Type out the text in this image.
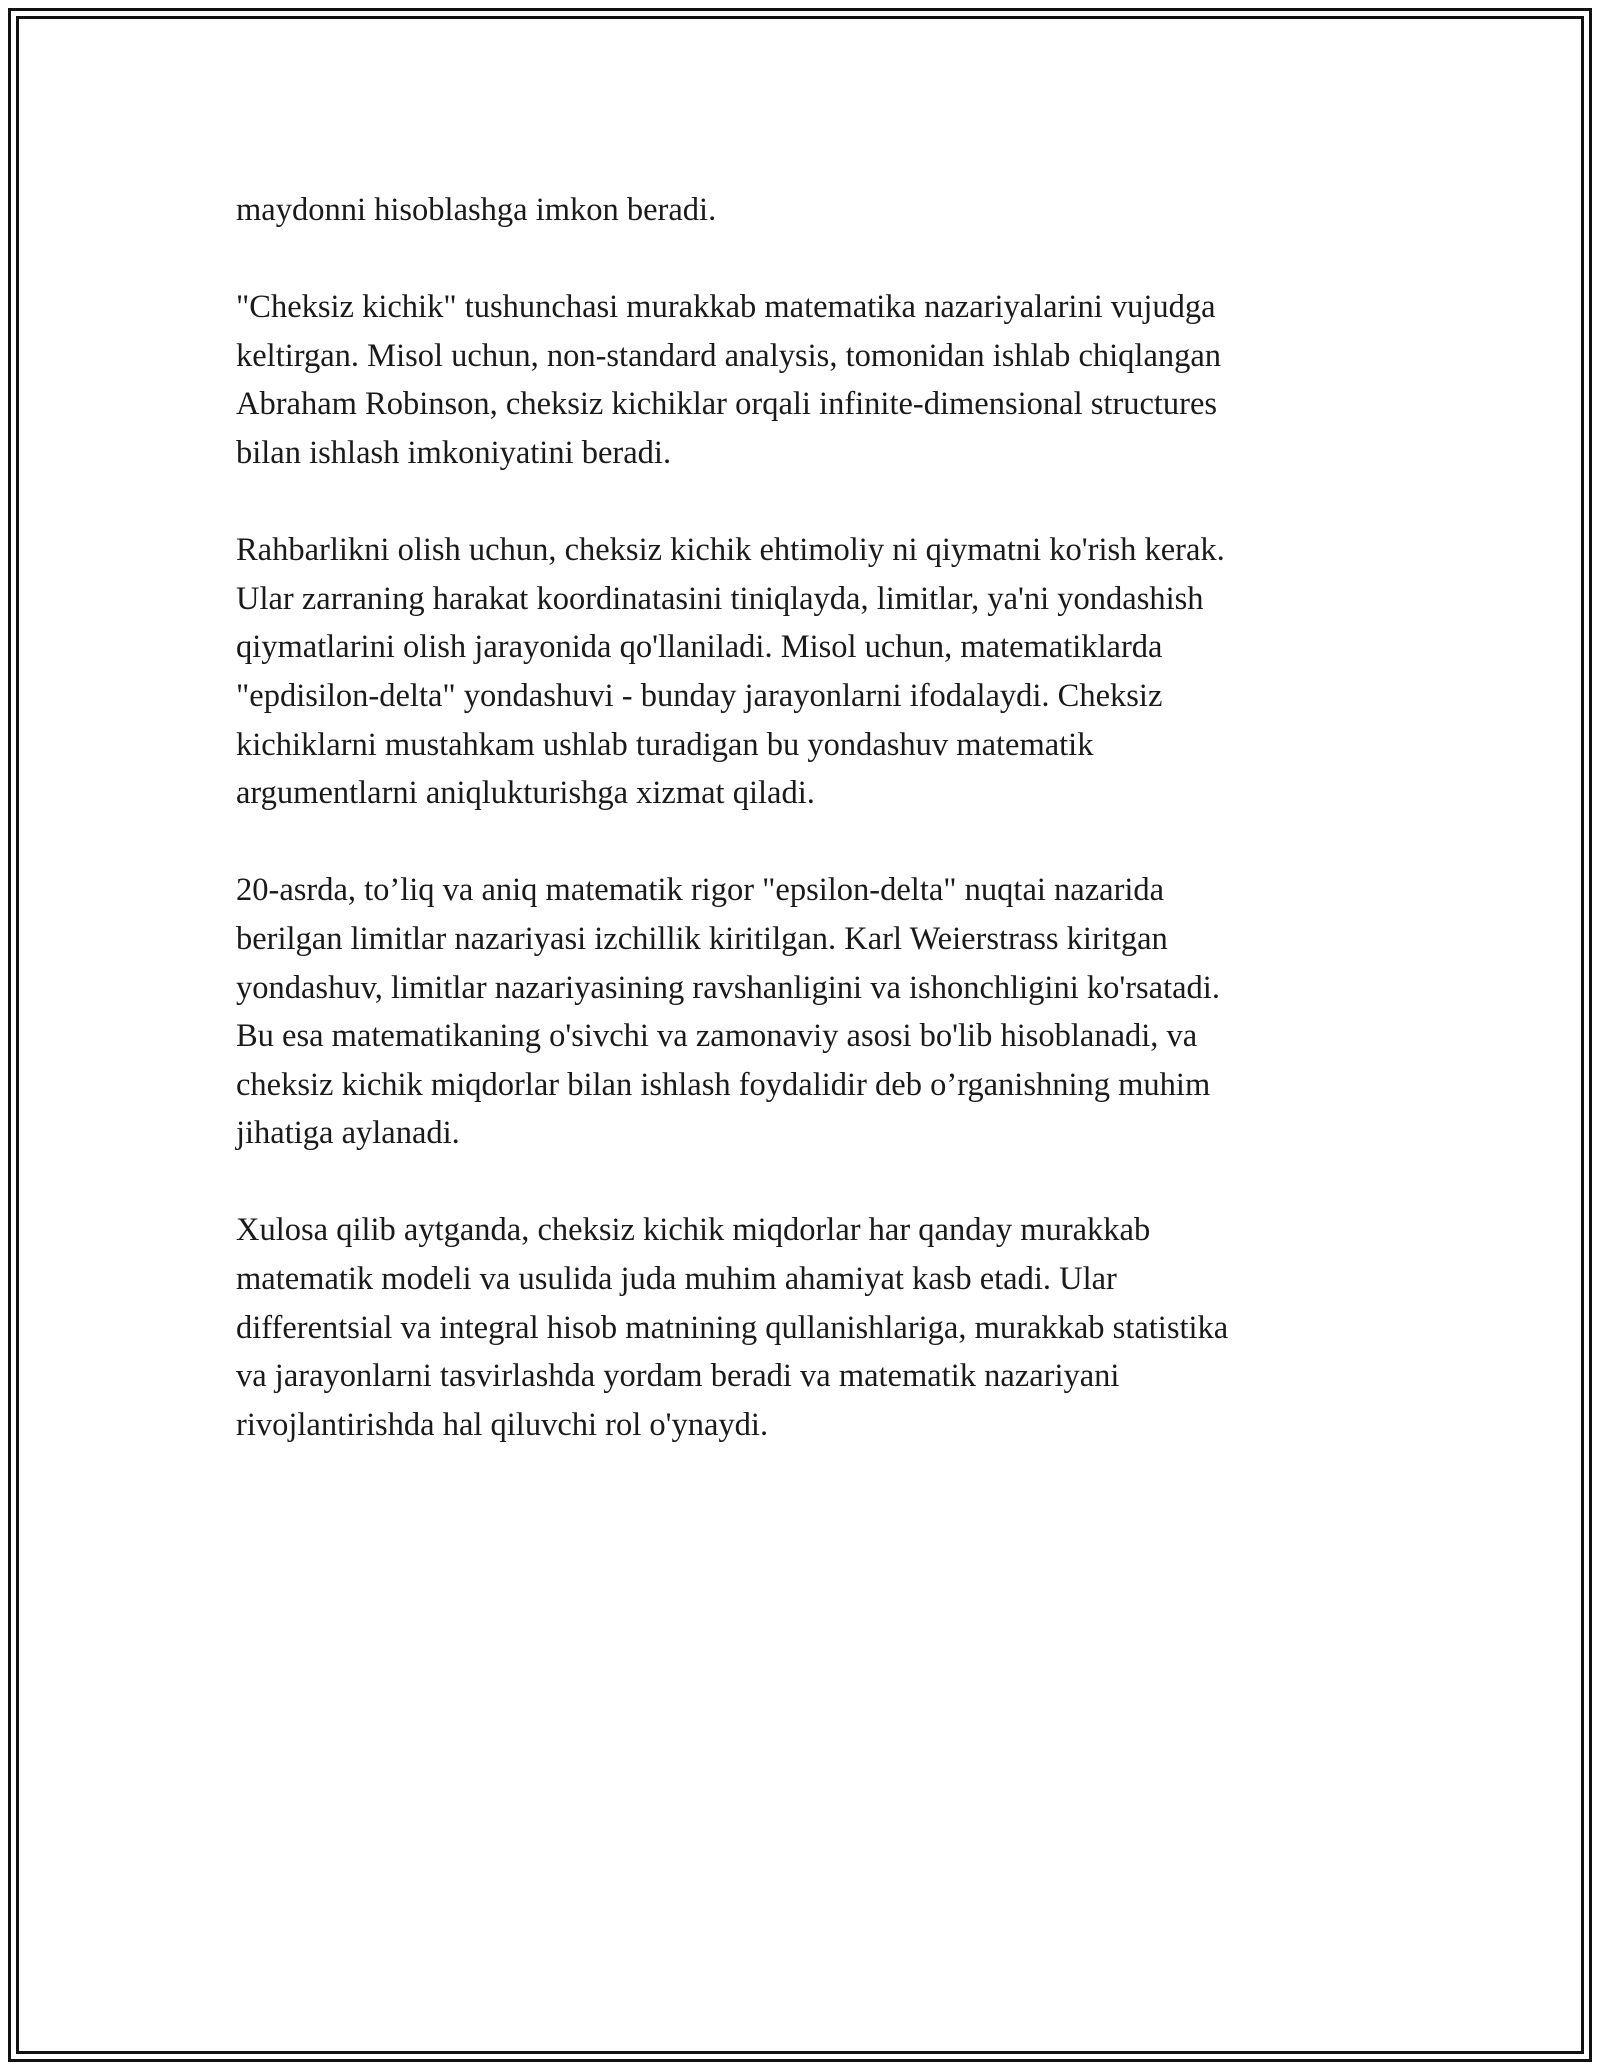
maydonni hisoblashga imkon beradi.

"Cheksiz kichik" tushunchasi murakkab matematika nazariyalarini vujudga
keltirgan. Misol uchun, non-standard analysis, tomonidan ishlab chiqlangan
Abraham Robinson, cheksiz kichiklar orqali infinite-dimensional structures
bilan ishlash imkoniyatini beradi.

Rahbarlikni olish uchun, cheksiz kichik ehtimoliy ni qiymatni ko'rish kerak.
Ular zarraning harakat koordinatasini tiniqlayda, limitlar, ya'ni yondashish
qiymatlarini olish jarayonida qo'llaniladi. Misol uchun, matematiklarda
"epdisilon-delta" yondashuvi - bunday jarayonlarni ifodalaydi. Cheksiz
kichiklarni mustahkam ushlab turadigan bu yondashuv matematik
argumentlarni aniqlukturishga xizmat qiladi.

20-asrda, to’liq va aniq matematik rigor "epsilon-delta" nuqtai nazarida
berilgan limitlar nazariyasi izchillik kiritilgan. Karl Weierstrass kiritgan
yondashuv, limitlar nazariyasining ravshanligini va ishonchligini ko'rsatadi.
Bu esa matematikaning o'sivchi va zamonaviy asosi bo'lib hisoblanadi, va
cheksiz kichik miqdorlar bilan ishlash foydalidir deb o’rganishning muhim
jihatiga aylanadi.

Xulosa qilib aytganda, cheksiz kichik miqdorlar har qanday murakkab
matematik modeli va usulida juda muhim ahamiyat kasb etadi. Ular
differentsial va integral hisob matnining qullanishlariga, murakkab statistika
va jarayonlarni tasvirlashda yordam beradi va matematik nazariyani
rivojlantirishda hal qiluvchi rol o'ynaydi.
